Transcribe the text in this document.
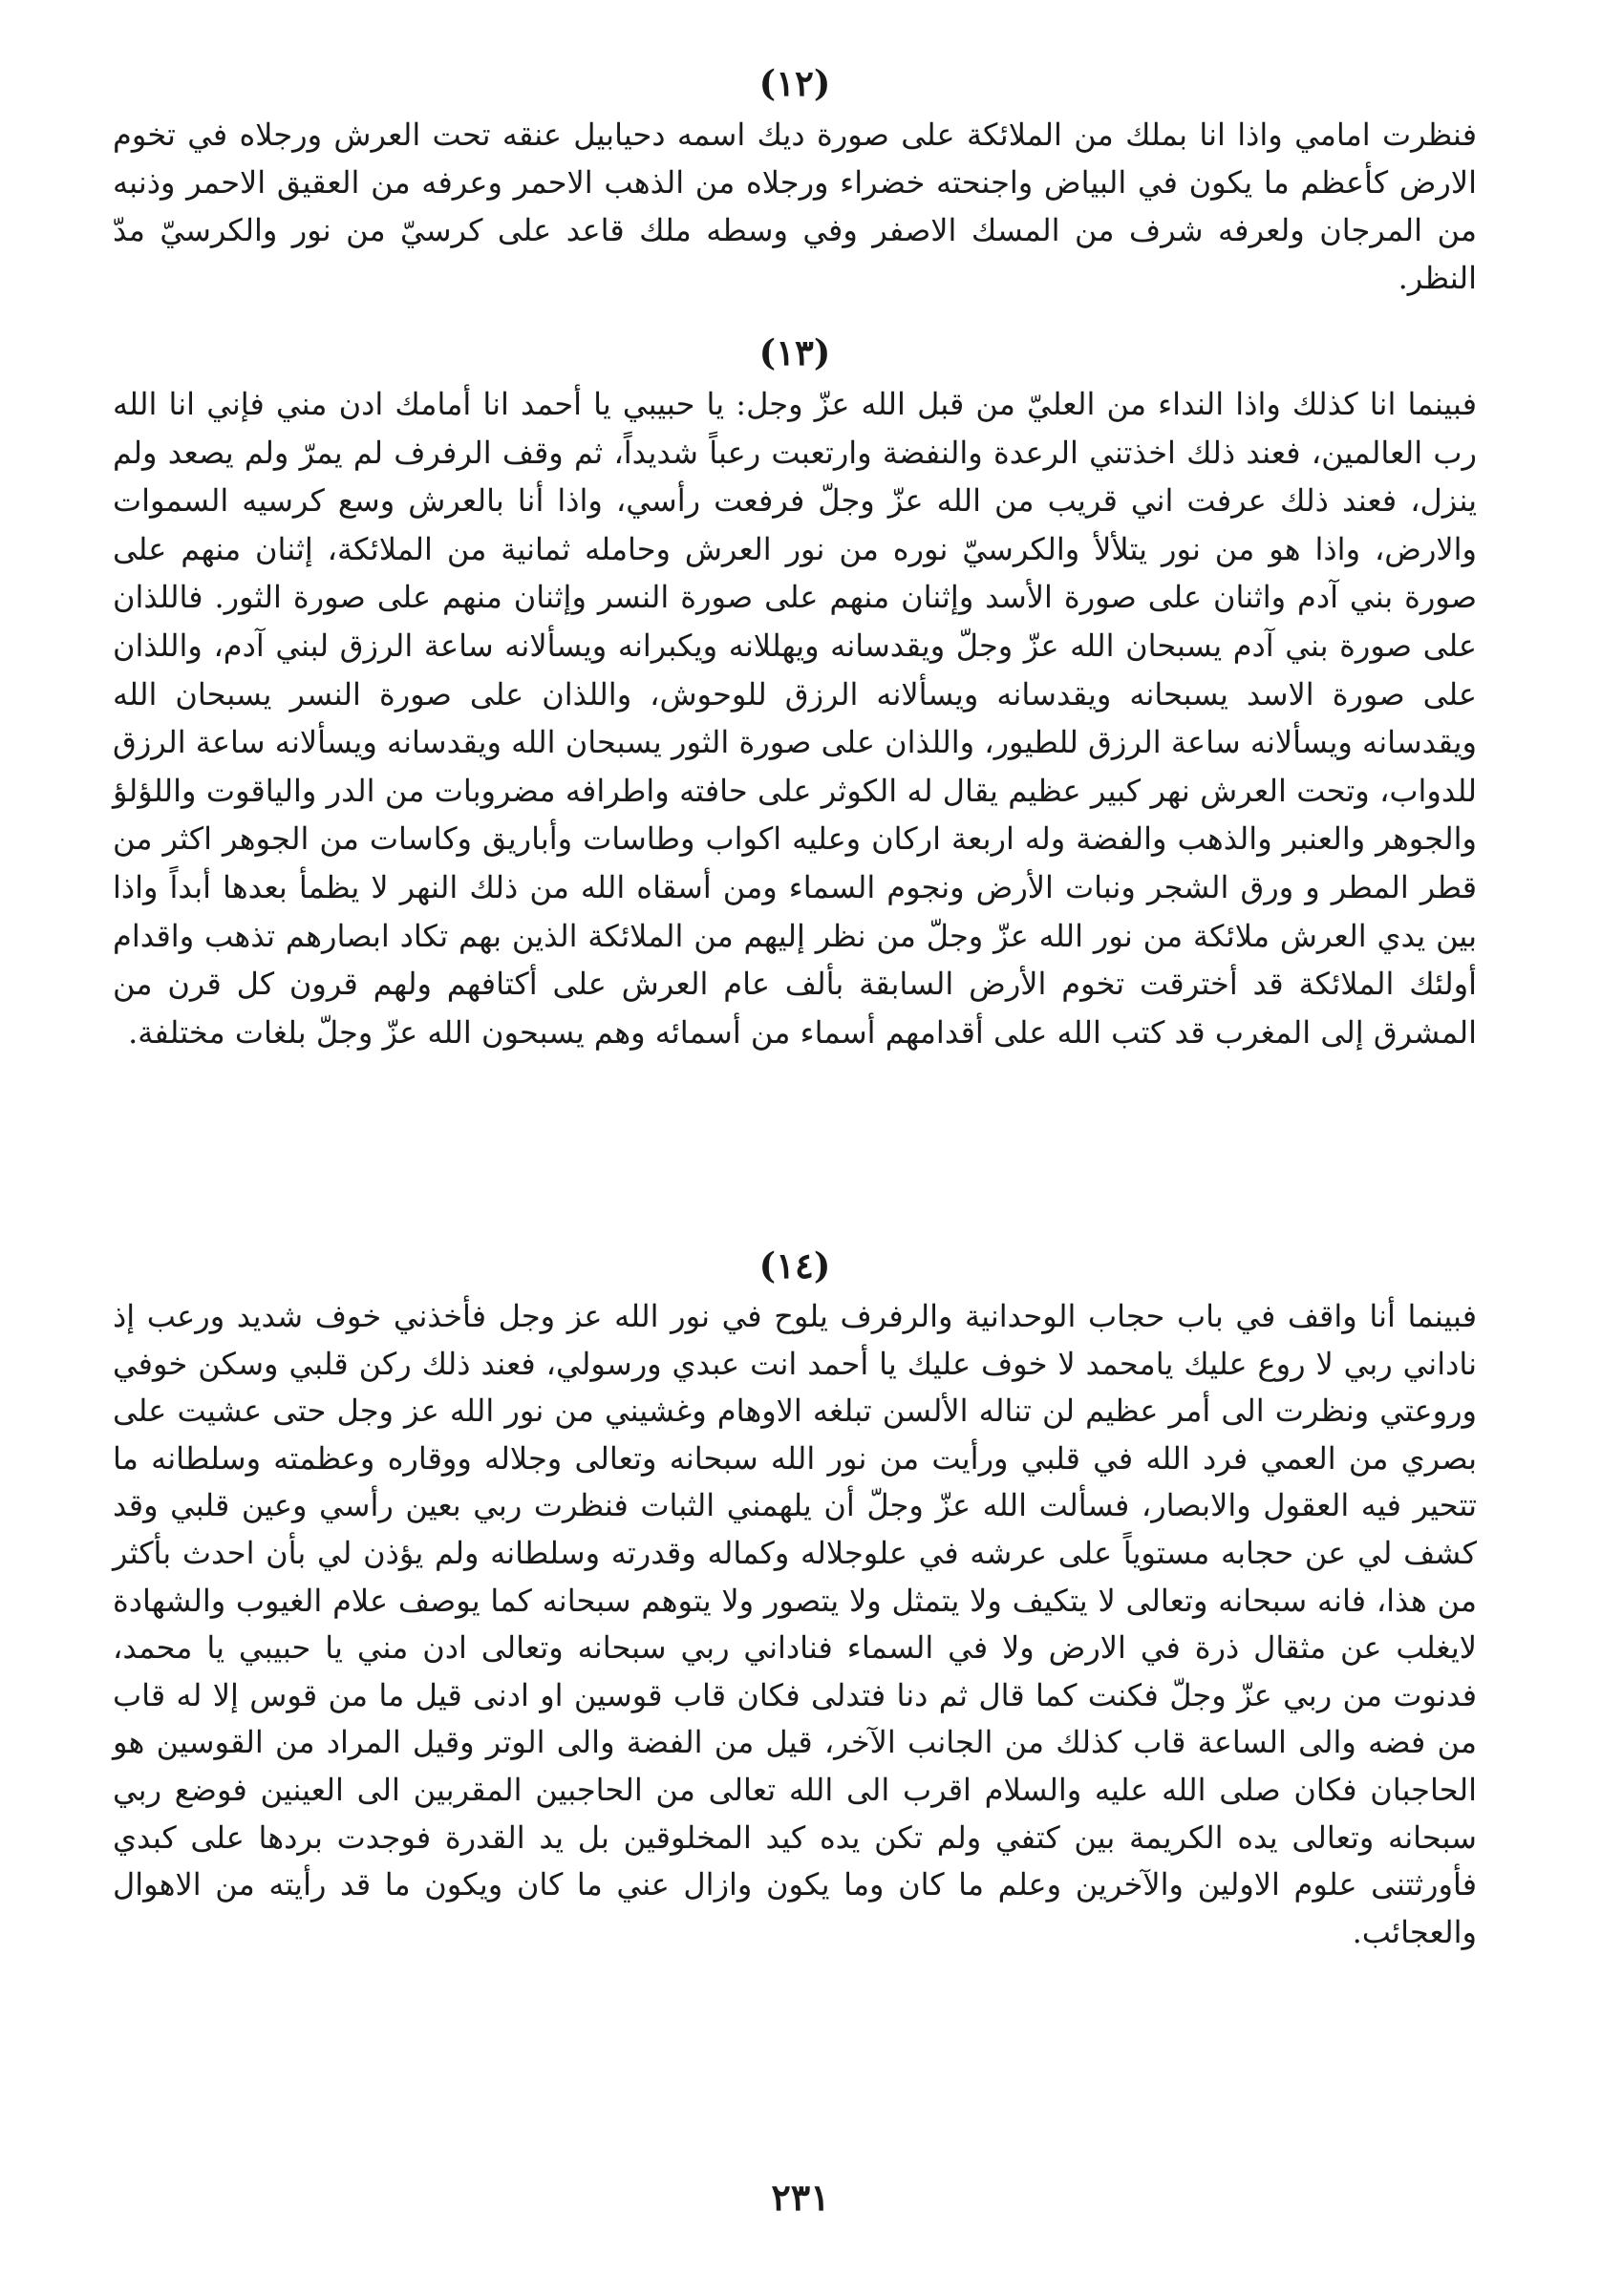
(١٢)

فنظرت امامي واذا انا بملك من الملائكة على صورة ديك اسمه دحيابيل عنقه تحت العرش ورجلاه في تخوم الارض كأعظم ما يكون في البياض واجنحته خضراء ورجلاه من الذهب الاحمر وعرفه من العقيق الاحمر وذنبه من المرجان ولعرفه شرف من المسك الاصفر وفي وسطه ملك قاعد على كرسيّ من نور والكرسيّ مدّ النظر.

(١٣)

فبينما انا كذلك واذا النداء من العليّ من قبل الله عزّ وجل: يا حبيبي يا أحمد انا أمامك ادن مني فإني انا الله رب العالمين، فعند ذلك اخذتني الرعدة والنفضة وارتعبت رعباً شديداً، ثم وقف الرفرف لم يمرّ ولم يصعد ولم ينزل، فعند ذلك عرفت اني قريب من الله عزّ وجلّ فرفعت رأسي، واذا أنا بالعرش وسع كرسيه السموات والارض، واذا هو من نور يتلألأ والكرسيّ نوره من نور العرش وحامله ثمانية من الملائكة، إثنان منهم على صورة بني آدم واثنان على صورة الأسد وإثنان منهم على صورة النسر وإثنان منهم على صورة الثور. فاللذان على صورة بني آدم يسبحان الله عزّ وجلّ ويقدسانه ويهللانه ويكبرانه ويسألانه ساعة الرزق لبني آدم، واللذان على صورة الاسد يسبحانه ويقدسانه ويسألانه الرزق للوحوش، واللذان على صورة النسر يسبحان الله ويقدسانه ويسألانه ساعة الرزق للطيور، واللذان على صورة الثور يسبحان الله ويقدسانه ويسألانه ساعة الرزق للدواب، وتحت العرش نهر كبير عظيم يقال له الكوثر على حافته واطرافه مضروبات من الدر والياقوت واللؤلؤ والجوهر والعنبر والذهب والفضة وله اربعة اركان وعليه اكواب وطاسات وأباريق وكاسات من الجوهر اكثر من قطر المطر و ورق الشجر ونبات الأرض ونجوم السماء ومن أسقاه الله من ذلك النهر لا يظمأ بعدها أبداً واذا بين يدي العرش ملائكة من نور الله عزّ وجلّ من نظر إليهم من الملائكة الذين بهم تكاد ابصارهم تذهب واقدام أولئك الملائكة قد أخترقت تخوم الأرض السابقة بألف عام العرش على أكتافهم ولهم قرون كل قرن من المشرق إلى المغرب قد كتب الله على أقدامهم أسماء من أسمائه وهم يسبحون الله عزّ وجلّ بلغات مختلفة.

(١٤)

فبينما أنا واقف في باب حجاب الوحدانية والرفرف يلوح في نور الله عز وجل فأخذني خوف شديد ورعب إذ ناداني ربي لا روع عليك يامحمد لا خوف عليك يا أحمد انت عبدي ورسولي، فعند ذلك ركن قلبي وسكن خوفي وروعتي ونظرت الى أمر عظيم لن تناله الألسن تبلغه الاوهام وغشيني من نور الله عز وجل حتى عشيت على بصري من العمي فرد الله في قلبي ورأيت من نور الله سبحانه وتعالى وجلاله ووقاره وعظمته وسلطانه ما تتحير فيه العقول والابصار، فسألت الله عزّ وجلّ أن يلهمني الثبات فنظرت ربي بعين رأسي وعين قلبي وقد كشف لي عن حجابه مستوياً على عرشه في علوجلاله وكماله وقدرته وسلطانه ولم يؤذن لي بأن احدث بأكثر من هذا، فانه سبحانه وتعالى لا يتكيف ولا يتمثل ولا يتصور ولا يتوهم سبحانه كما يوصف علام الغيوب والشهادة لايغلب عن مثقال ذرة في الارض ولا في السماء فناداني ربي سبحانه وتعالى ادن مني يا حبيبي يا محمد، فدنوت من ربي عزّ وجلّ فكنت كما قال ثم دنا فتدلى فكان قاب قوسين او ادنى قيل ما من قوس إلا له قاب من فضه والى الساعة قاب كذلك من الجانب الآخر، قيل من الفضة والى الوتر وقيل المراد من القوسين هو الحاجبان فكان صلى الله عليه والسلام اقرب الى الله تعالى من الحاجبين المقربين الى العينين فوضع ربي سبحانه وتعالى يده الكريمة بين كتفي ولم تكن يده كيد المخلوقين بل يد القدرة فوجدت بردها على كبدي فأورثتنى علوم الاولين والآخرين وعلم ما كان وما يكون وازال عني ما كان ويكون ما قد رأيته من الاهوال والعجائب.

٢٣١
